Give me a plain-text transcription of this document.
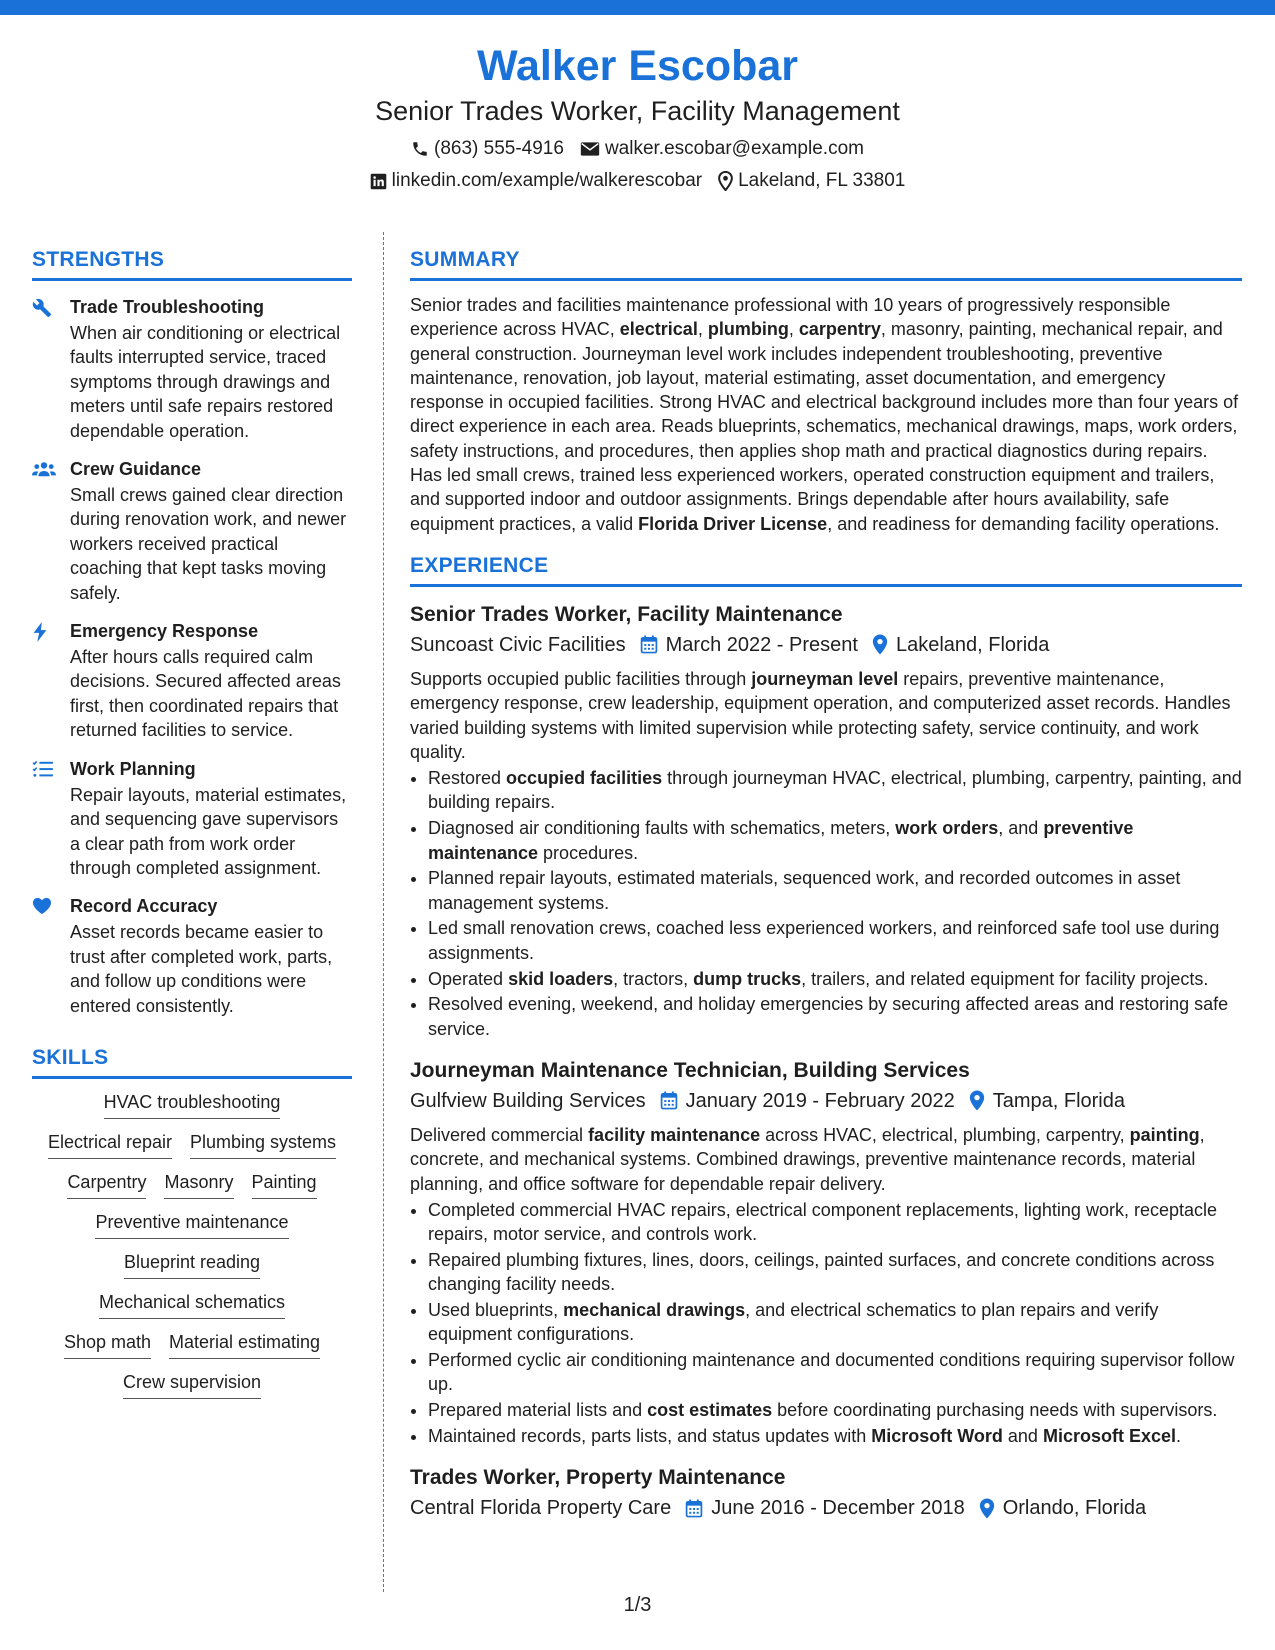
Walker Escobar
Senior Trades Worker, Facility Management
(863) 555-4916 walker.escobar@example.com
linkedin.com/example/walkerescobar Lakeland, FL 33801
STRENGTHS
Trade Troubleshooting
When air conditioning or electrical faults interrupted service, traced symptoms through drawings and meters until safe repairs restored dependable operation.
Crew Guidance
Small crews gained clear direction during renovation work, and newer workers received practical coaching that kept tasks moving safely.
Emergency Response
After hours calls required calm decisions. Secured affected areas first, then coordinated repairs that returned facilities to service.
Work Planning
Repair layouts, material estimates, and sequencing gave supervisors a clear path from work order through completed assignment.
Record Accuracy
Asset records became easier to trust after completed work, parts, and follow up conditions were entered consistently.
SKILLS
HVAC troubleshooting
Electrical repair Plumbing systems
Carpentry Masonry Painting
Preventive maintenance
Blueprint reading
Mechanical schematics
Shop math Material estimating
Crew supervision
SUMMARY
Senior trades and facilities maintenance professional with 10 years of progressively responsible experience across HVAC, electrical, plumbing, carpentry, masonry, painting, mechanical repair, and general construction. Journeyman level work includes independent troubleshooting, preventive maintenance, renovation, job layout, material estimating, asset documentation, and emergency response in occupied facilities. Strong HVAC and electrical background includes more than four years of direct experience in each area. Reads blueprints, schematics, mechanical drawings, maps, work orders, safety instructions, and procedures, then applies shop math and practical diagnostics during repairs. Has led small crews, trained less experienced workers, operated construction equipment and trailers, and supported indoor and outdoor assignments. Brings dependable after hours availability, safe equipment practices, a valid Florida Driver License, and readiness for demanding facility operations.
EXPERIENCE
Senior Trades Worker, Facility Maintenance
Suncoast Civic Facilities March 2022 - Present Lakeland, Florida
Supports occupied public facilities through journeyman level repairs, preventive maintenance, emergency response, crew leadership, equipment operation, and computerized asset records. Handles varied building systems with limited supervision while protecting safety, service continuity, and work quality.
• Restored occupied facilities through journeyman HVAC, electrical, plumbing, carpentry, painting, and building repairs.
• Diagnosed air conditioning faults with schematics, meters, work orders, and preventive maintenance procedures.
• Planned repair layouts, estimated materials, sequenced work, and recorded outcomes in asset management systems.
• Led small renovation crews, coached less experienced workers, and reinforced safe tool use during assignments.
• Operated skid loaders, tractors, dump trucks, trailers, and related equipment for facility projects.
• Resolved evening, weekend, and holiday emergencies by securing affected areas and restoring safe service.
Journeyman Maintenance Technician, Building Services
Gulfview Building Services January 2019 - February 2022 Tampa, Florida
Delivered commercial facility maintenance across HVAC, electrical, plumbing, carpentry, painting, concrete, and mechanical systems. Combined drawings, preventive maintenance records, material planning, and office software for dependable repair delivery.
• Completed commercial HVAC repairs, electrical component replacements, lighting work, receptacle repairs, motor service, and controls work.
• Repaired plumbing fixtures, lines, doors, ceilings, painted surfaces, and concrete conditions across changing facility needs.
• Used blueprints, mechanical drawings, and electrical schematics to plan repairs and verify equipment configurations.
• Performed cyclic air conditioning maintenance and documented conditions requiring supervisor follow up.
• Prepared material lists and cost estimates before coordinating purchasing needs with supervisors.
• Maintained records, parts lists, and status updates with Microsoft Word and Microsoft Excel.
Trades Worker, Property Maintenance
Central Florida Property Care June 2016 - December 2018 Orlando, Florida
1/3
